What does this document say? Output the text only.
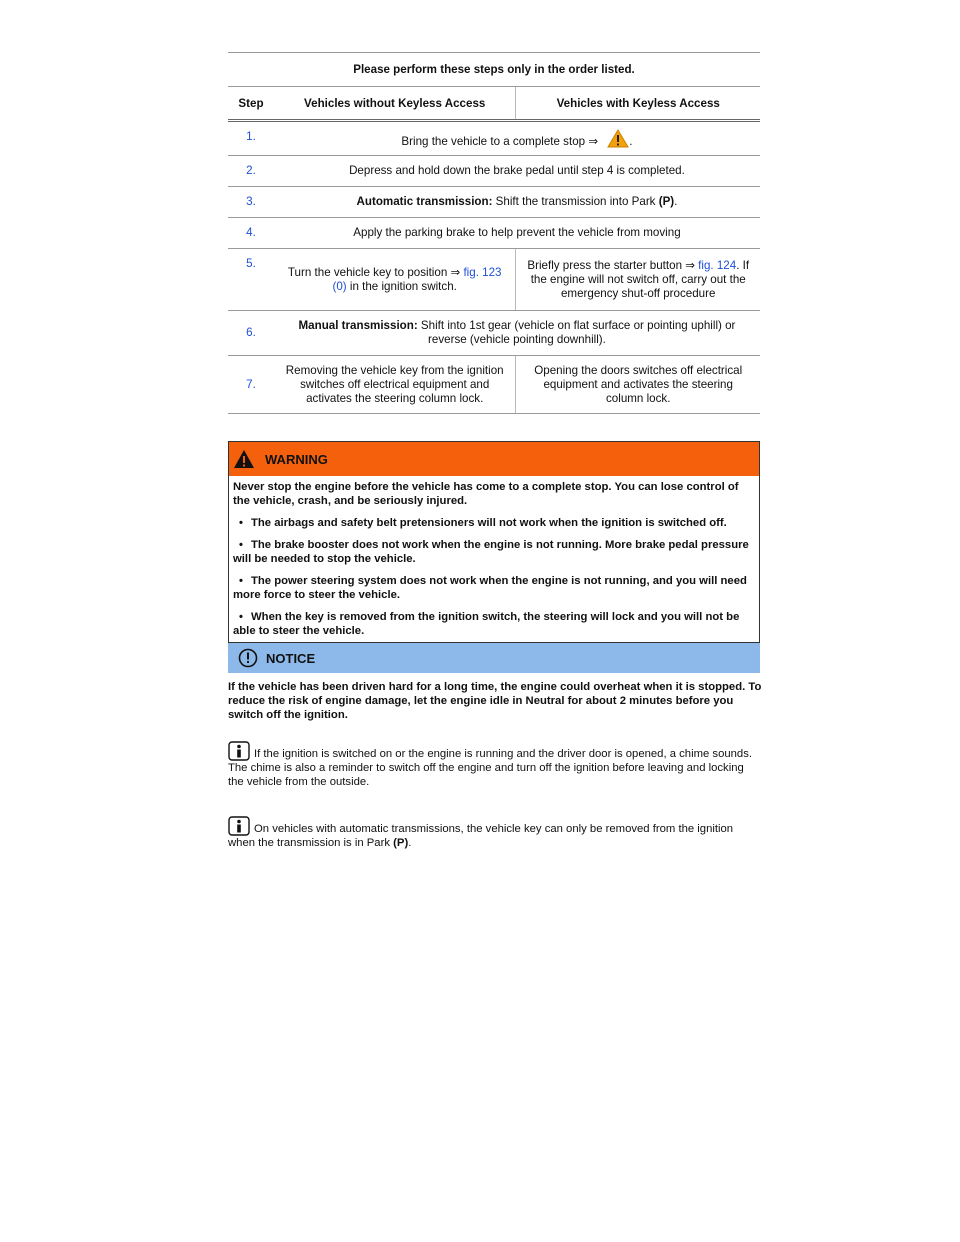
Please perform these steps only in the order listed.		
Step	Vehicles without Keyless Access	Vehicles with Keyless Access
1.	Bring the vehicle to a complete stop ⇒ .	
2.	Depress and hold down the brake pedal until step 4 is completed.	
3.	Automatic transmission: Shift the transmission into Park (P).	
4.	Apply the parking brake to help prevent the vehicle from moving	
5.	Turn the vehicle key to position ⇒ fig. 123 (0) in the ignition switch.	Briefly press the starter button ⇒ fig. 124. If the engine will not switch off, carry out the emergency shut-off procedure
6.	Manual transmission: Shift into 1st gear (vehicle on flat surface or pointing uphill) or reverse (vehicle pointing downhill).	
7.	Removing the vehicle key from the ignition switches off electrical equipment and activates the steering column lock.	Opening the doors switches off electrical equipment and activates the steering column lock.
WARNING

Never stop the engine before the vehicle has come to a complete stop. You can lose control of the vehicle, crash, and be seriously injured.

• The airbags and safety belt pretensioners will not work when the ignition is switched off.

• The brake booster does not work when the engine is not running. More brake pedal pressure will be needed to stop the vehicle.

• The power steering system does not work when the engine is not running, and you will need more force to steer the vehicle.

• When the key is removed from the ignition switch, the steering will lock and you will not be able to steer the vehicle.

NOTICE
If the vehicle has been driven hard for a long time, the engine could overheat when it is stopped. To reduce the risk of engine damage, let the engine idle in Neutral for about 2 minutes before you switch off the ignition.
If the ignition is switched on or the engine is running and the driver door is opened, a chime sounds. The chime is also a reminder to switch off the engine and turn off the ignition before leaving and locking the vehicle from the outside.
On vehicles with automatic transmissions, the vehicle key can only be removed from the ignition when the transmission is in Park (P).
